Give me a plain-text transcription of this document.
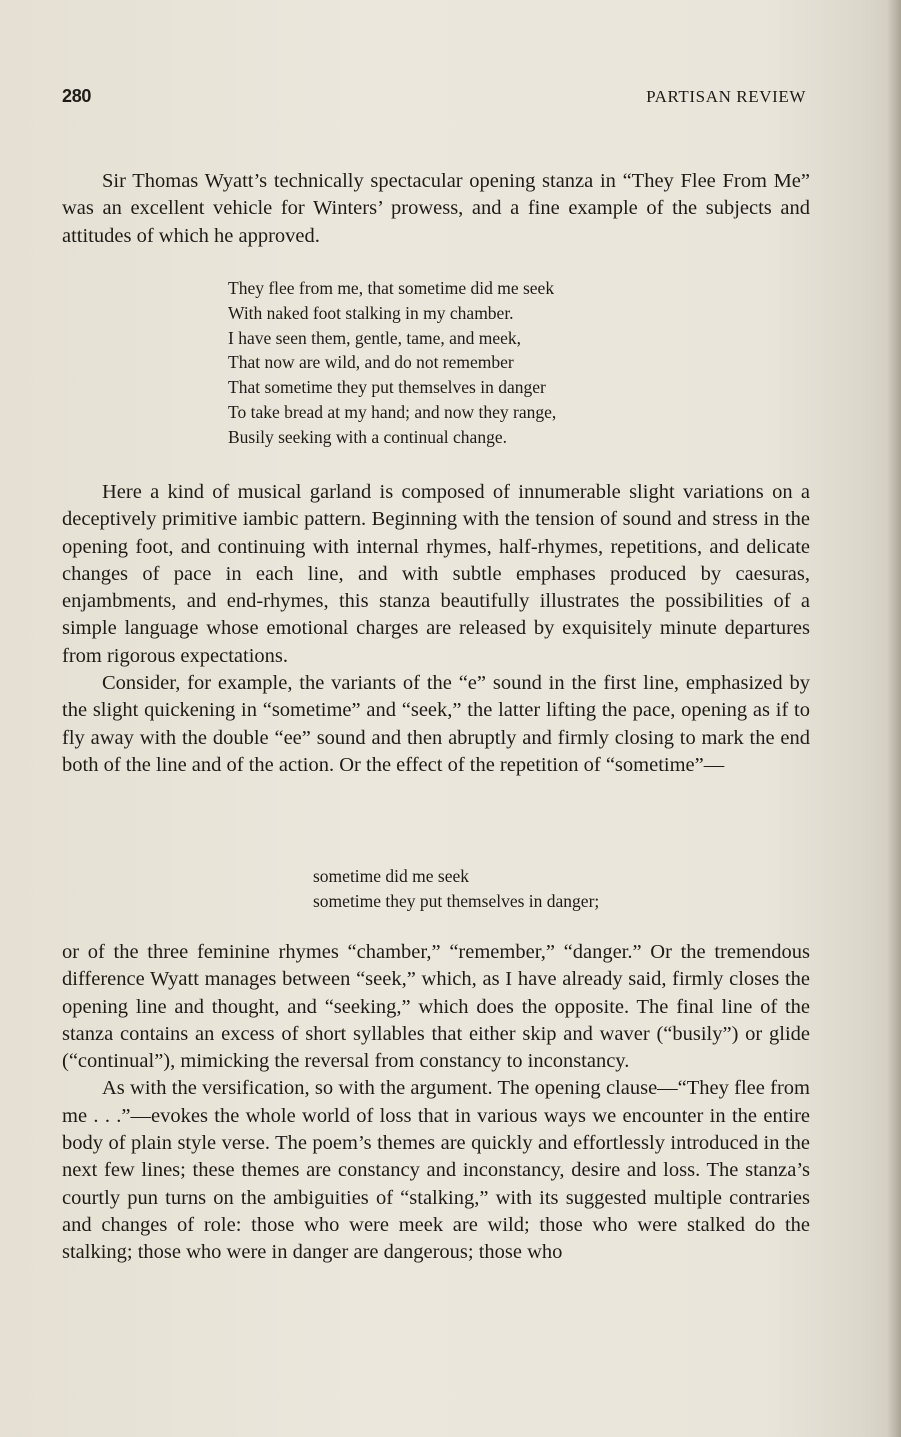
280	PARTISAN REVIEW

Sir Thomas Wyatt’s technically spectacular opening stanza in “They Flee From Me” was an excellent vehicle for Winters’ prowess, and a fine example of the subjects and attitudes of which he approved.

They flee from me, that sometime did me seek
With naked foot stalking in my chamber.
I have seen them, gentle, tame, and meek,
That now are wild, and do not remember
That sometime they put themselves in danger
To take bread at my hand; and now they range,
Busily seeking with a continual change.

Here a kind of musical garland is composed of innumerable slight variations on a deceptively primitive iambic pattern. Beginning with the tension of sound and stress in the opening foot, and continuing with internal rhymes, half-rhymes, repetitions, and delicate changes of pace in each line, and with subtle emphases produced by caesuras, enjambments, and end-rhymes, this stanza beautifully illustrates the possibilities of a simple language whose emotional charges are released by exquisitely minute departures from rigorous expectations.

Consider, for example, the variants of the “e” sound in the first line, emphasized by the slight quickening in “sometime” and “seek,” the latter lifting the pace, opening as if to fly away with the double “ee” sound and then abruptly and firmly closing to mark the end both of the line and of the action. Or the effect of the repetition of “sometime”—

sometime did me seek
sometime they put themselves in danger;

or of the three feminine rhymes “chamber,” “remember,” “danger.” Or the tremendous difference Wyatt manages between “seek,” which, as I have already said, firmly closes the opening line and thought, and “seeking,” which does the opposite. The final line of the stanza contains an excess of short syllables that either skip and waver (“busily”) or glide (“continual”), mimicking the reversal from constancy to inconstancy.

As with the versification, so with the argument. The opening clause—“They flee from me . . .”—evokes the whole world of loss that in various ways we encounter in the entire body of plain style verse. The poem’s themes are quickly and effortlessly introduced in the next few lines; these themes are constancy and inconstancy, desire and loss. The stanza’s courtly pun turns on the ambiguities of “stalking,” with its suggested multiple contraries and changes of role: those who were meek are wild; those who were stalked do the stalking; those who were in danger are dangerous; those who
